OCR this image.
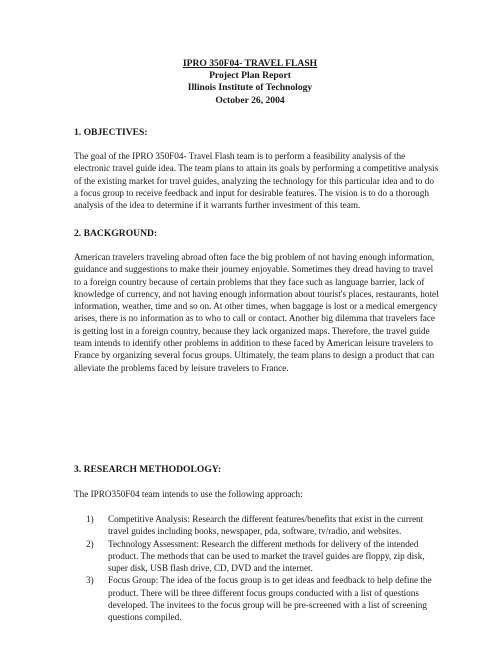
IPRO 350F04- TRAVEL FLASH
Project Plan Report
Illinois Institute of Technology
October 26, 2004
1. OBJECTIVES:

The goal of the IPRO 350F04- Travel Flash team is to perform a feasibility analysis of the electronic travel guide idea. The team plans to attain its goals by performing a competitive analysis of the existing market for travel guides, analyzing the technology for this particular idea and to do a focus group to receive feedback and input for desirable features. The vision is to do a thorough analysis of the idea to determine if it warrants further investment of this team.

2. BACKGROUND:

American travelers traveling abroad often face the big problem of not having enough information, guidance and suggestions to make their journey enjoyable. Sometimes they dread having to travel to a foreign country because of certain problems that they face such as language barrier, lack of knowledge of currency, and not having enough information about tourist's places, restaurants, hotel information, weather, time and so on. At other times, when baggage is lost or a medical emergency arises, there is no information as to who to call or contact. Another big dilemma that travelers face is getting lost in a foreign country, because they lack organized maps. Therefore, the travel guide team intends to identify other problems in addition to these faced by American leisure travelers to France by organizing several focus groups. Ultimately, the team plans to design a product that can alleviate the problems faced by leisure travelers to France.

3. RESEARCH METHODOLOGY:

The IPRO350F04 team intends to use the following approach:

1) Competitive Analysis: Research the different features/benefits that exist in the current travel guides including books, newspaper, pda, software, tv/radio, and websites.
2) Technology Assessment: Research the different methods for delivery of the intended product. The methods that can be used to market the travel guides are floppy, zip disk, super disk, USB flash drive, CD, DVD and the internet.
3) Focus Group: The idea of the focus group is to get ideas and feedback to help define the product. There will be three different focus groups conducted with a list of questions developed. The invitees to the focus group will be pre-screened with a list of screening questions compiled.
